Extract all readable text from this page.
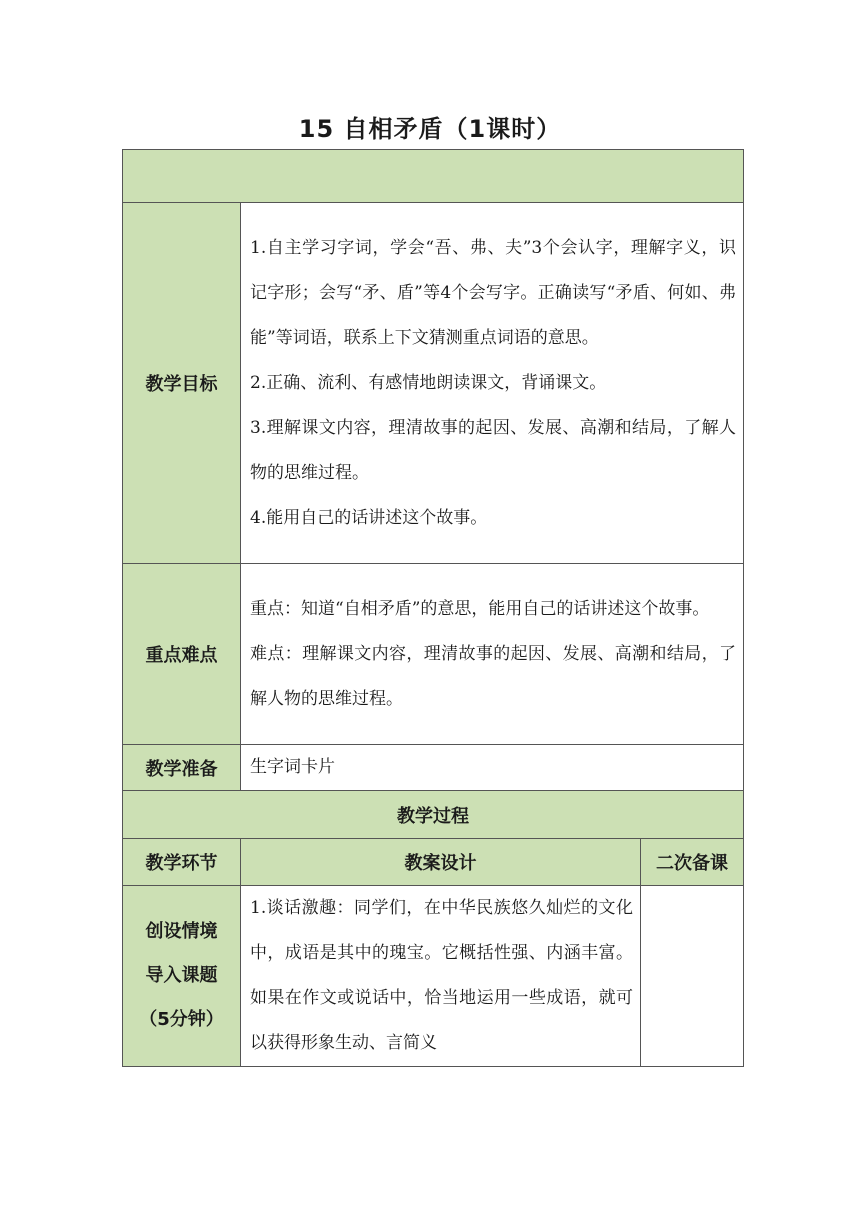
15 自相矛盾（1课时）

教学目标	1.自主学习字词，学会“吾、弗、夫”3个会认字，理解字义，识记字形；会写“矛、盾”等4个会写字。正确读写“矛盾、何如、弗能”等词语，联系上下文猜测重点词语的意思。

2.正确、流利、有感情地朗读课文，背诵课文。

3.理解课文内容，理清故事的起因、发展、高潮和结局，了解人物的思维过程。

4.能用自己的话讲述这个故事。	

重点难点	重点：知道“自相矛盾”的意思，能用自己的话讲述这个故事。

难点：理解课文内容，理清故事的起因、发展、高潮和结局，了解人物的思维过程。	

教学准备	生字词卡片	
教学过程		
教学环节	教案设计	二次备课

创设情境
导入课题
（5分钟）	1.谈话激趣：同学们，在中华民族悠久灿烂的文化中，成语是其中的瑰宝。它概括性强、内涵丰富。如果在作文或说话中，恰当地运用一些成语，就可以获得形象生动、言简义	
